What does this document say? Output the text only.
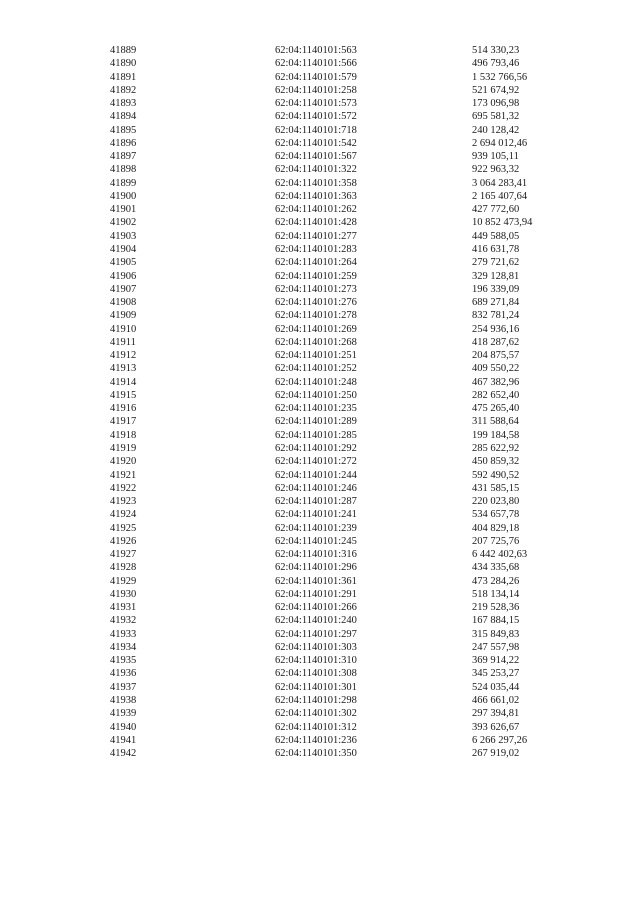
41889	62:04:1140101:563	514 330,23
41890	62:04:1140101:566	496 793,46
41891	62:04:1140101:579	1 532 766,56
41892	62:04:1140101:258	521 674,92
41893	62:04:1140101:573	173 096,98
41894	62:04:1140101:572	695 581,32
41895	62:04:1140101:718	240 128,42
41896	62:04:1140101:542	2 694 012,46
41897	62:04:1140101:567	939 105,11
41898	62:04:1140101:322	922 963,32
41899	62:04:1140101:358	3 064 283,41
41900	62:04:1140101:363	2 165 407,64
41901	62:04:1140101:262	427 772,60
41902	62:04:1140101:428	10 852 473,94
41903	62:04:1140101:277	449 588,05
41904	62:04:1140101:283	416 631,78
41905	62:04:1140101:264	279 721,62
41906	62:04:1140101:259	329 128,81
41907	62:04:1140101:273	196 339,09
41908	62:04:1140101:276	689 271,84
41909	62:04:1140101:278	832 781,24
41910	62:04:1140101:269	254 936,16
41911	62:04:1140101:268	418 287,62
41912	62:04:1140101:251	204 875,57
41913	62:04:1140101:252	409 550,22
41914	62:04:1140101:248	467 382,96
41915	62:04:1140101:250	282 652,40
41916	62:04:1140101:235	475 265,40
41917	62:04:1140101:289	311 588,64
41918	62:04:1140101:285	199 184,58
41919	62:04:1140101:292	285 622,92
41920	62:04:1140101:272	450 859,32
41921	62:04:1140101:244	592 490,52
41922	62:04:1140101:246	431 585,15
41923	62:04:1140101:287	220 023,80
41924	62:04:1140101:241	534 657,78
41925	62:04:1140101:239	404 829,18
41926	62:04:1140101:245	207 725,76
41927	62:04:1140101:316	6 442 402,63
41928	62:04:1140101:296	434 335,68
41929	62:04:1140101:361	473 284,26
41930	62:04:1140101:291	518 134,14
41931	62:04:1140101:266	219 528,36
41932	62:04:1140101:240	167 884,15
41933	62:04:1140101:297	315 849,83
41934	62:04:1140101:303	247 557,98
41935	62:04:1140101:310	369 914,22
41936	62:04:1140101:308	345 253,27
41937	62:04:1140101:301	524 035,44
41938	62:04:1140101:298	466 661,02
41939	62:04:1140101:302	297 394,81
41940	62:04:1140101:312	393 626,67
41941	62:04:1140101:236	6 266 297,26
41942	62:04:1140101:350	267 919,02
